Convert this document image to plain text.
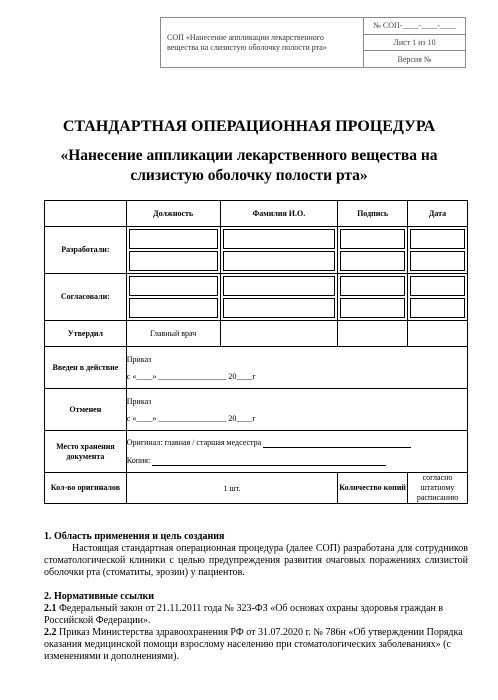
СОП «Нанесение аппликации лекарственного
вещества на слизистую оболочку полости рта»
№ СОП-____-____-____
Лист 1 из 10
Версия №
СТАНДАРТНАЯ ОПЕРАЦИОННАЯ ПРОЦЕДУРА
«Нанесение аппликации лекарственного вещества на слизистую оболочку полости рта»
	Должность	Фамилия И.О.	Подпись	Дата
Разработали:	

Согласовали:	

Утвердил	Главный врач			
Введен в действие	Приказ
с «____» _________________ 20____г			

Отменен	Приказ
с «____» _________________ 20____г			

Место хранения документа	Оригинал: главная / старшая медсестра
Копия:			

Кол-во оригиналов	1 шт.		Количество копий	согласно штатному расписанию
1. Область применения и цель создания
Настоящая стандартная операционная процедура (далее СОП) разработана для сотрудников стоматологической клиники с целью предупреждения развития очаговых поражениях слизистой оболочки рта (стоматиты, эрозии) у пациентов.
2. Нормативные ссылки
2.1 Федеральный закон от 21.11.2011 года № 323-ФЗ «Об основах охраны здоровья граждан в Российской Федерации».
2.2 Приказ Министерства здравоохранения РФ от 31.07.2020 г. № 786н «Об утверждении Порядка оказания медицинской помощи взрослому населению при стоматологических заболеваниях» (с изменениями и дополнениями).
